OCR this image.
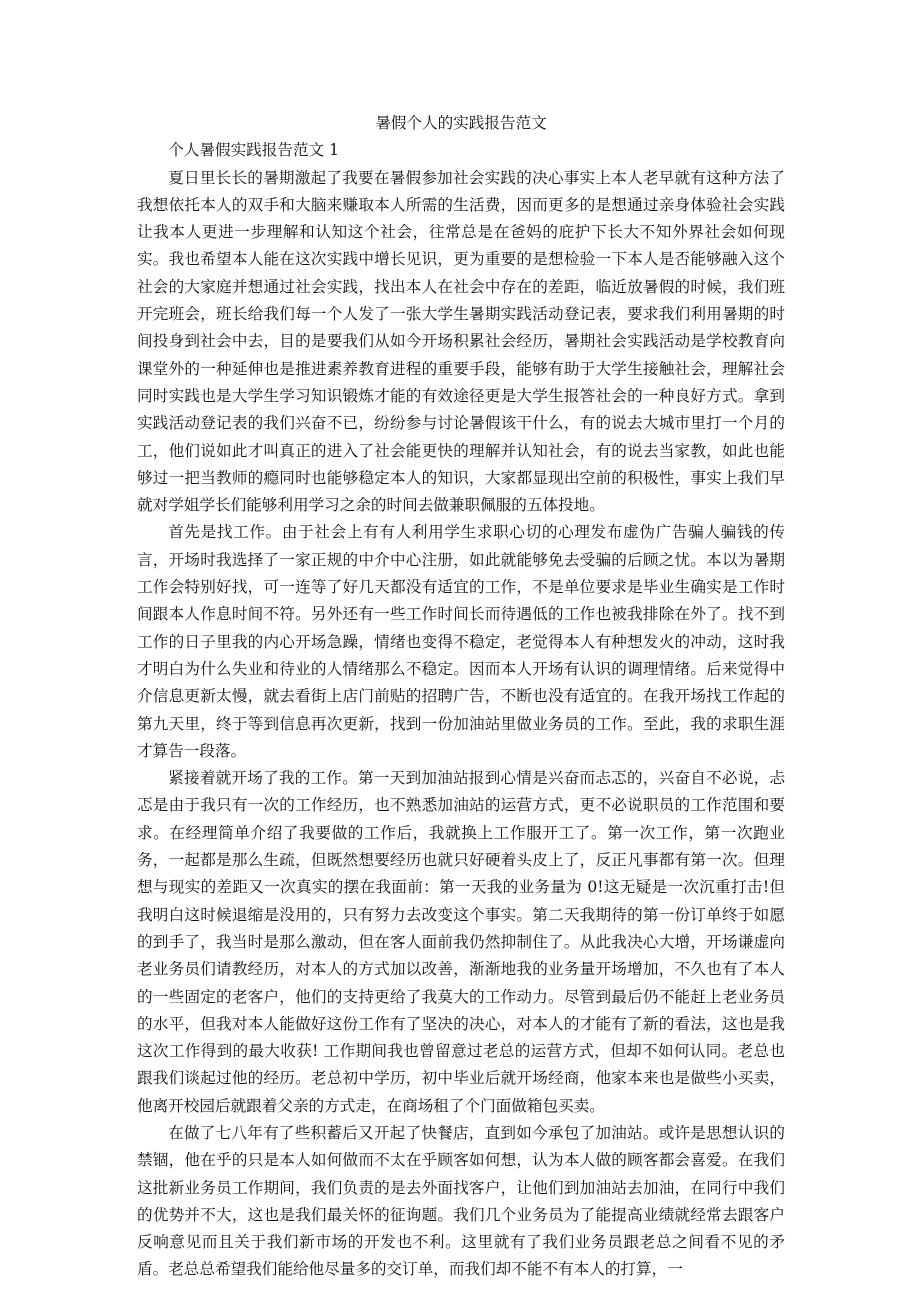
暑假个人的实践报告范文
个人暑假实践报告范文 1

夏日里长长的暑期激起了我要在暑假参加社会实践的决心事实上本人老早就有这种方法了我想依托本人的双手和大脑来赚取本人所需的生活费，因而更多的是想通过亲身体验社会实践让我本人更进一步理解和认知这个社会，往常总是在爸妈的庇护下长大不知外界社会如何现实。我也希望本人能在这次实践中增长见识，更为重要的是想检验一下本人是否能够融入这个社会的大家庭并想通过社会实践，找出本人在社会中存在的差距，临近放暑假的时候，我们班开完班会，班长给我们每一个人发了一张大学生暑期实践活动登记表，要求我们利用暑期的时间投身到社会中去，目的是要我们从如今开场积累社会经历，暑期社会实践活动是学校教育向课堂外的一种延伸也是推进素养教育进程的重要手段，能够有助于大学生接触社会，理解社会同时实践也是大学生学习知识锻炼才能的有效途径更是大学生报答社会的一种良好方式。拿到实践活动登记表的我们兴奋不已，纷纷参与讨论暑假该干什么，有的说去大城市里打一个月的工，他们说如此才叫真正的进入了社会能更快的理解并认知社会，有的说去当家教，如此也能够过一把当教师的瘾同时也能够稳定本人的知识，大家都显现出空前的积极性，事实上我们早就对学姐学长们能够利用学习之余的时间去做兼职佩服的五体投地。

首先是找工作。由于社会上有有人利用学生求职心切的心理发布虚伪广告骗人骗钱的传言，开场时我选择了一家正规的中介中心注册，如此就能够免去受骗的后顾之忧。本以为暑期工作会特别好找，可一连等了好几天都没有适宜的工作，不是单位要求是毕业生确实是工作时间跟本人作息时间不符。另外还有一些工作时间长而待遇低的工作也被我排除在外了。找不到工作的日子里我的内心开场急躁，情绪也变得不稳定，老觉得本人有种想发火的冲动，这时我才明白为什么失业和待业的人情绪那么不稳定。因而本人开场有认识的调理情绪。后来觉得中介信息更新太慢，就去看街上店门前贴的招聘广告，不断也没有适宜的。在我开场找工作起的第九天里，终于等到信息再次更新，找到一份加油站里做业务员的工作。至此，我的求职生涯才算告一段落。

紧接着就开场了我的工作。第一天到加油站报到心情是兴奋而忐忑的，兴奋自不必说，忐忑是由于我只有一次的工作经历，也不熟悉加油站的运营方式，更不必说职员的工作范围和要求。在经理简单介绍了我要做的工作后，我就换上工作服开工了。第一次工作，第一次跑业务，一起都是那么生疏，但既然想要经历也就只好硬着头皮上了，反正凡事都有第一次。但理想与现实的差距又一次真实的摆在我面前：第一天我的业务量为 0!这无疑是一次沉重打击!但我明白这时候退缩是没用的，只有努力去改变这个事实。第二天我期待的第一份订单终于如愿的到手了，我当时是那么激动，但在客人面前我仍然抑制住了。从此我决心大增，开场谦虚向老业务员们请教经历，对本人的方式加以改善，渐渐地我的业务量开场增加，不久也有了本人的一些固定的老客户，他们的支持更给了我莫大的工作动力。尽管到最后仍不能赶上老业务员的水平，但我对本人能做好这份工作有了坚决的决心，对本人的才能有了新的看法，这也是我这次工作得到的最大收获! 工作期间我也曾留意过老总的运营方式，但却不如何认同。老总也跟我们谈起过他的经历。老总初中学历，初中毕业后就开场经商，他家本来也是做些小买卖，他离开校园后就跟着父亲的方式走，在商场租了个门面做箱包买卖。

在做了七八年有了些积蓄后又开起了快餐店，直到如今承包了加油站。或许是思想认识的禁锢，他在乎的只是本人如何做而不太在乎顾客如何想，认为本人做的顾客都会喜爱。在我们这批新业务员工作期间，我们负责的是去外面找客户，让他们到加油站去加油，在同行中我们的优势并不大，这也是我们最关怀的征询题。我们几个业务员为了能提高业绩就经常去跟客户反响意见而且关于我们新市场的开发也不利。这里就有了我们业务员跟老总之间看不见的矛盾。老总总希望我们能给他尽量多的交订单，而我们却不能不有本人的打算，一
